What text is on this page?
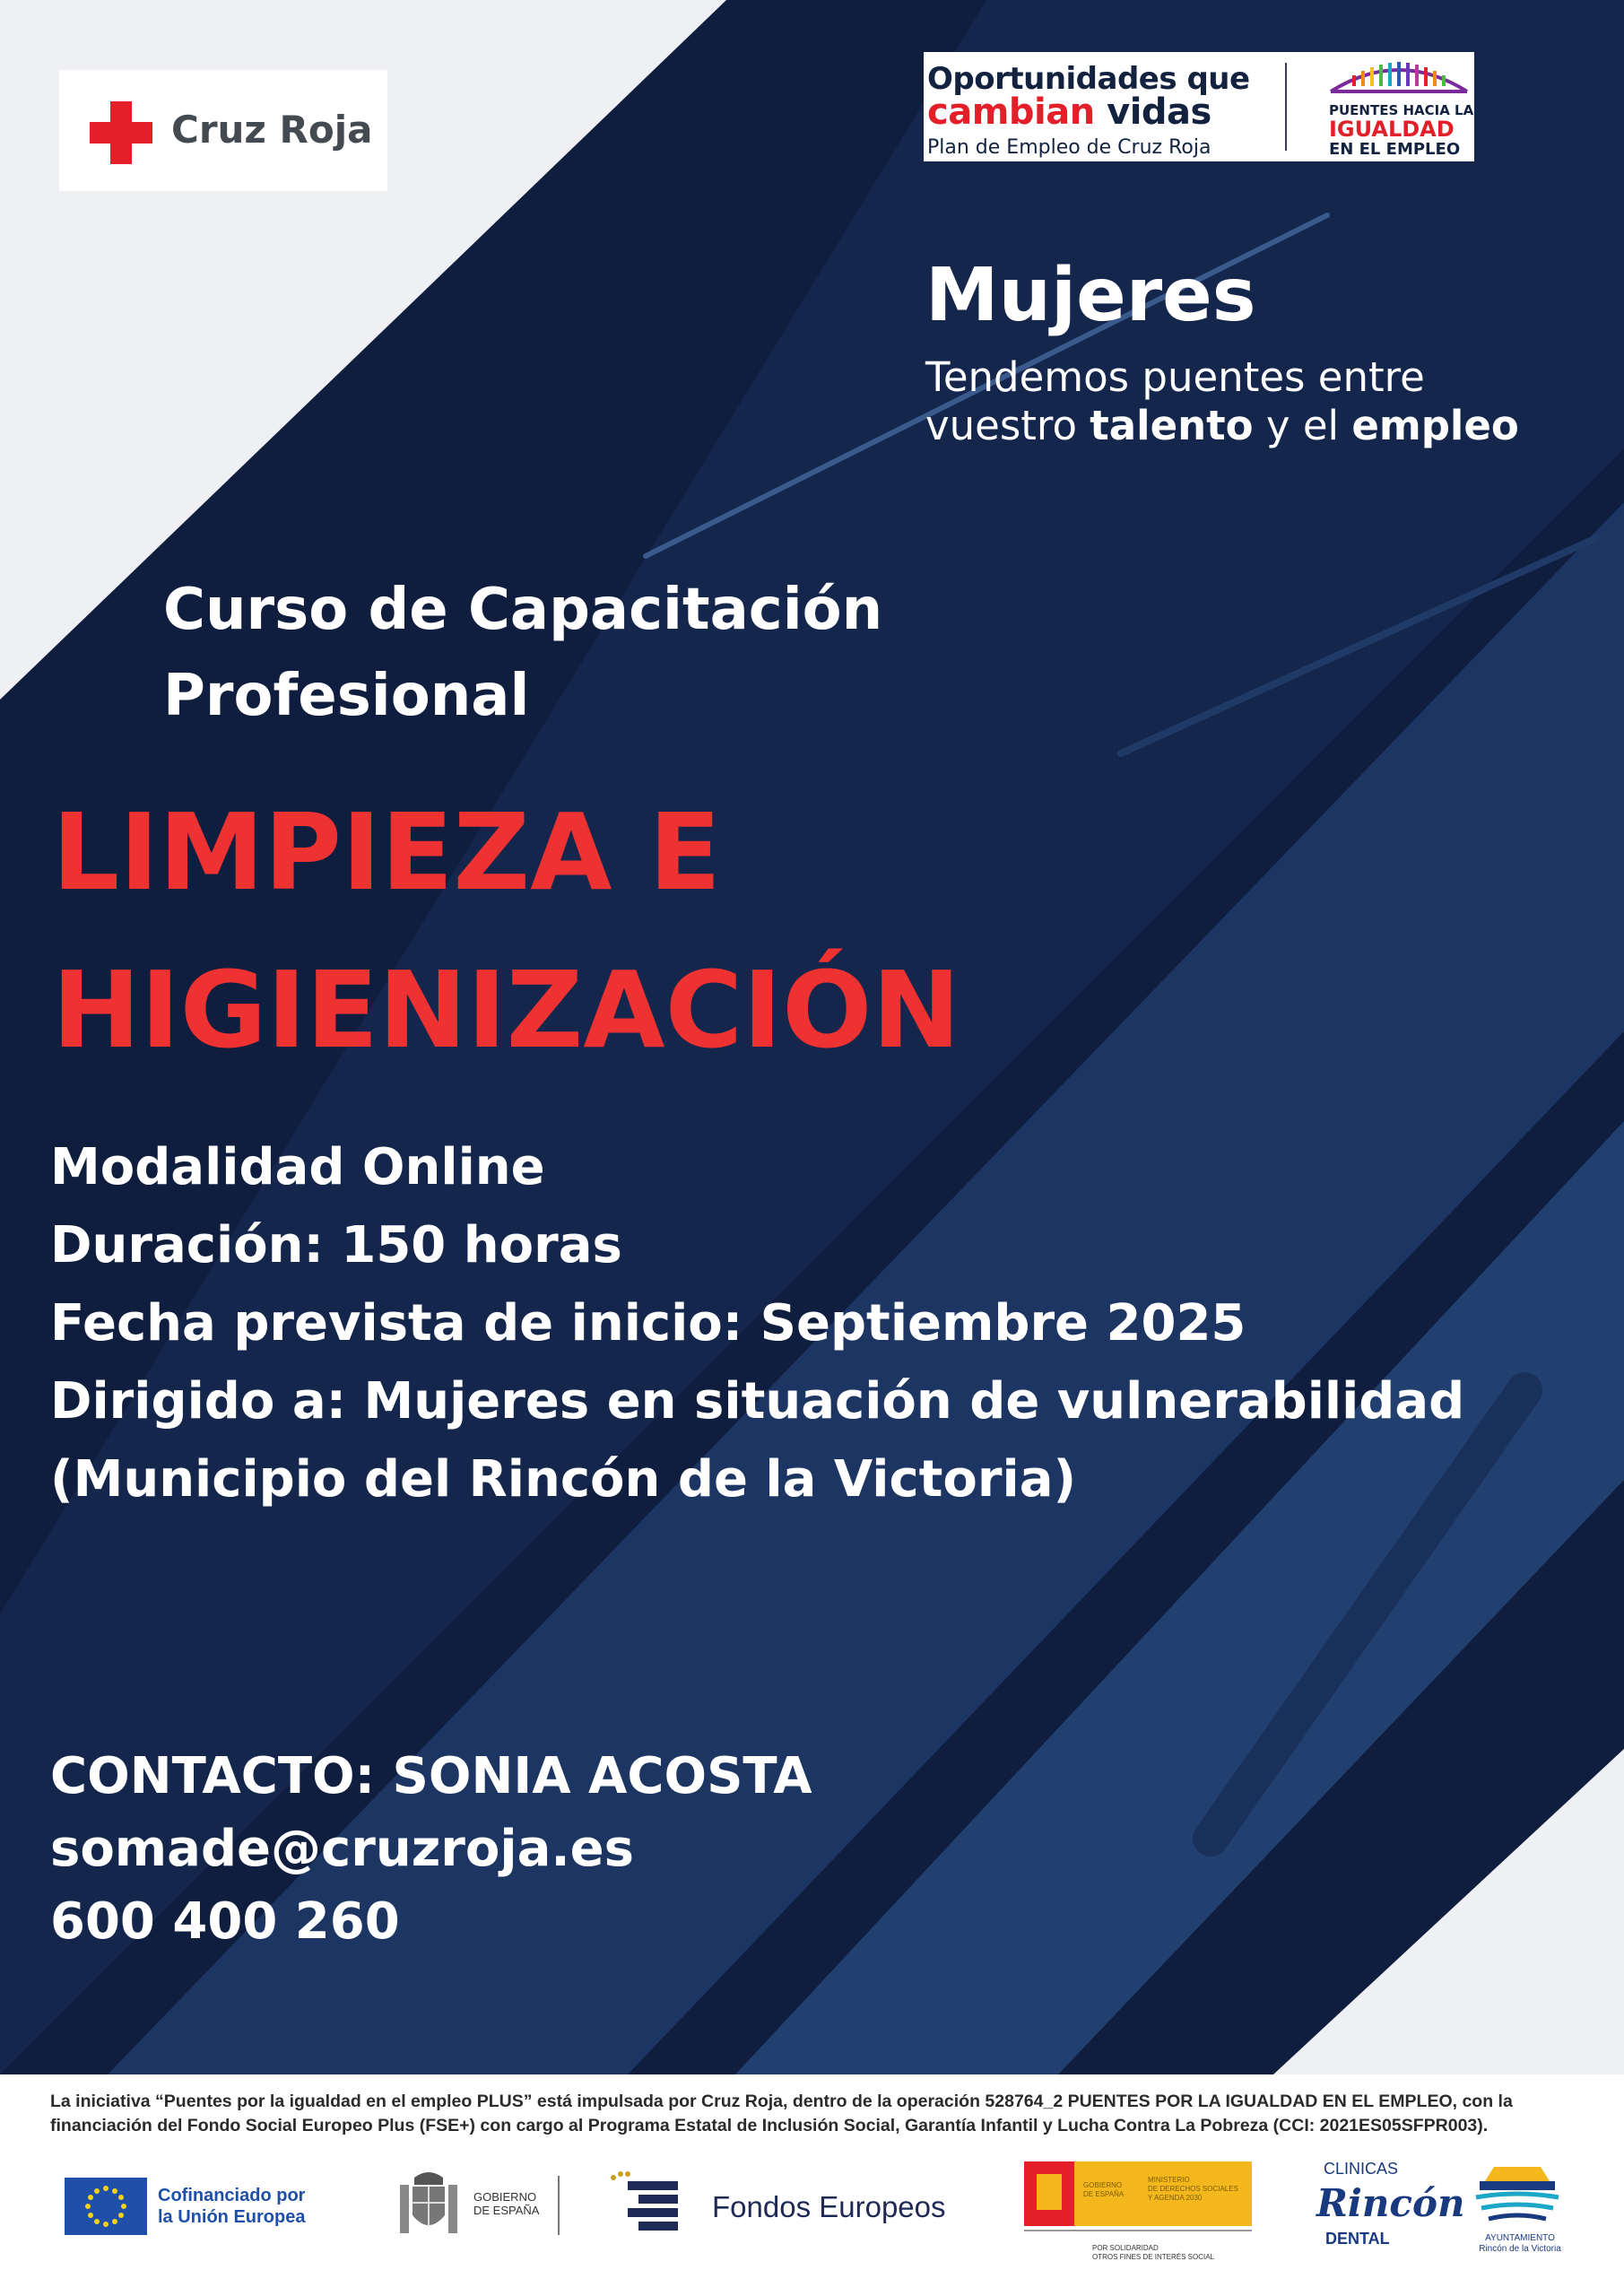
Cruz Roja
Oportunidades que
cambian vidas
Plan de Empleo de Cruz Roja
PUENTES HACIA LA
IGUALDAD
EN EL EMPLEO
Mujeres
Tendemos puentes entre
vuestro talento y el empleo
Curso de Capacitación
Profesional
LIMPIEZA E
HIGIENIZACIÓN
Modalidad Online
Duración: 150 horas
Fecha prevista de inicio: Septiembre 2025
Dirigido a: Mujeres en situación de vulnerabilidad
(Municipio del Rincón de la Victoria)
CONTACTO: SONIA ACOSTA
somade@cruzroja.es
600 400 260
La iniciativa “Puentes por la igualdad en el empleo PLUS” está impulsada por Cruz Roja, dentro de la operación 528764_2 PUENTES POR LA IGUALDAD EN EL EMPLEO, con la financiación del Fondo Social Europeo Plus (FSE+) con cargo al Programa Estatal de Inclusión Social, Garantía Infantil y Lucha Contra La Pobreza (CCI: 2021ES05SFPR003).
Cofinanciado por
la Unión Europea
GOBIERNO
DE ESPAÑA	Fondos Europeos
GOBIERNO
DE ESPAÑA
MINISTERIO
DE DERECHOS SOCIALES
Y AGENDA 2030
POR SOLIDARIDAD
OTROS FINES DE INTERÉS SOCIAL
CLINICAS
Rincón
DENTAL	AYUNTAMIENTO
Rincón de la Victoria
